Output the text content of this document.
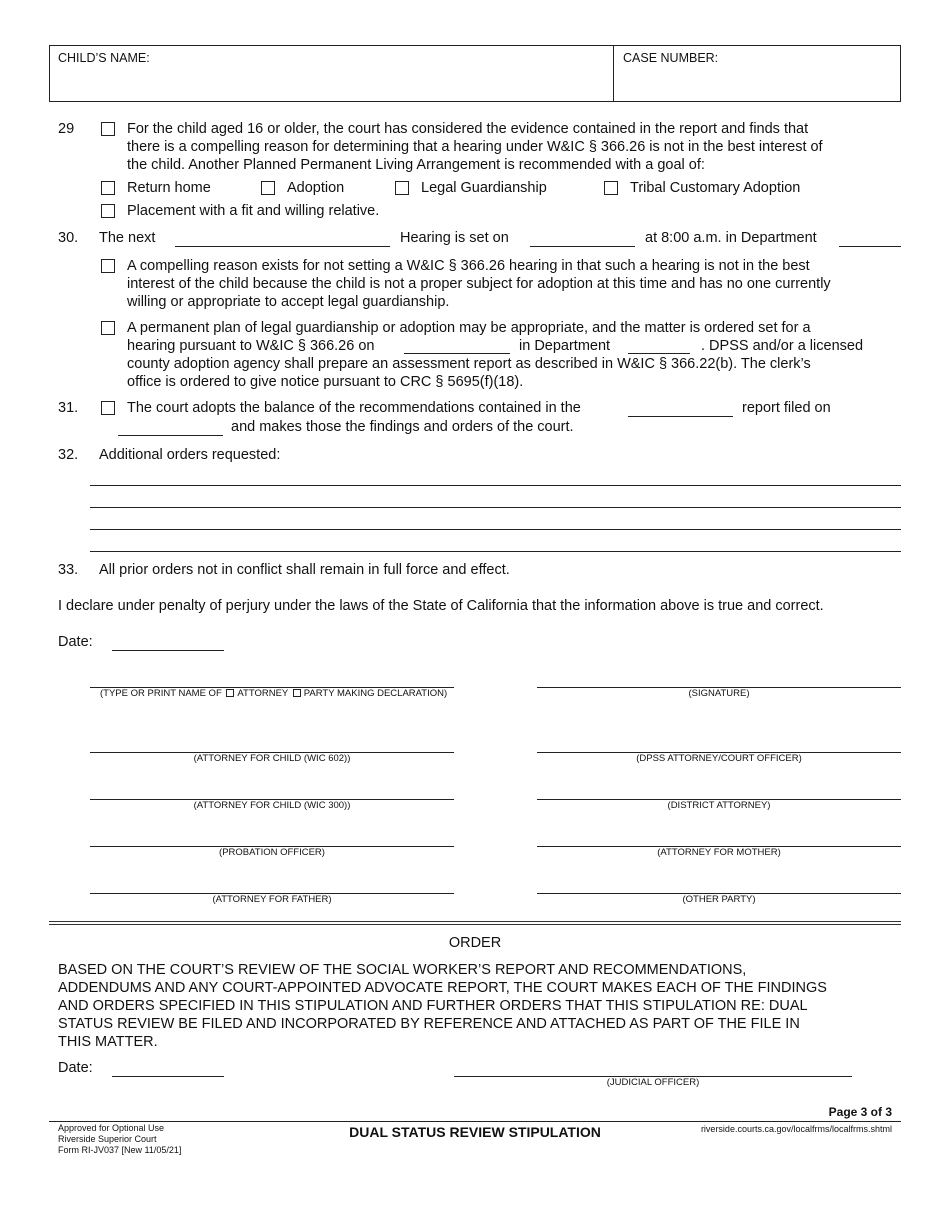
CHILD’S NAME:	CASE NUMBER:
29	For the child aged 16 or older, the court has considered the evidence contained in the report and finds that
there is a compelling reason for determining that a hearing under W&IC § 366.26 is not in the best interest of
the child. Another Planned Permanent Living Arrangement is recommended with a goal of:
Return home	Adoption	Legal Guardianship	Tribal Customary Adoption
Placement with a fit and willing relative.
30. The next	Hearing is set on	at 8:00 a.m. in Department
A compelling reason exists for not setting a W&IC § 366.26 hearing in that such a hearing is not in the best
interest of the child because the child is not a proper subject for adoption at this time and has no one currently
willing or appropriate to accept legal guardianship.
A permanent plan of legal guardianship or adoption may be appropriate, and the matter is ordered set for a
hearing pursuant to W&IC § 366.26 on	in Department	. DPSS and/or a licensed
county adoption agency shall prepare an assessment report as described in W&IC § 366.22(b). The clerk’s
office is ordered to give notice pursuant to CRC § 5695(f)(18).
31.	The court adopts the balance of the recommendations contained in the	report filed on
and makes those the findings and orders of the court.
32. Additional orders requested:
33. All prior orders not in conflict shall remain in full force and effect.
I declare under penalty of perjury under the laws of the State of California that the information above is true and correct.
Date:
(TYPE OR PRINT NAME OF ATTORNEY PARTY MAKING DECLARATION)	(SIGNATURE)
(ATTORNEY FOR CHILD (WIC 602))	(DPSS ATTORNEY/COURT OFFICER)
(ATTORNEY FOR CHILD (WIC 300))	(DISTRICT ATTORNEY)
(PROBATION OFFICER)	(ATTORNEY FOR MOTHER)
(ATTORNEY FOR FATHER)	(OTHER PARTY)
ORDER
BASED ON THE COURT’S REVIEW OF THE SOCIAL WORKER’S REPORT AND RECOMMENDATIONS,
ADDENDUMS AND ANY COURT-APPOINTED ADVOCATE REPORT, THE COURT MAKES EACH OF THE FINDINGS
AND ORDERS SPECIFIED IN THIS STIPULATION AND FURTHER ORDERS THAT THIS STIPULATION RE: DUAL
STATUS REVIEW BE FILED AND INCORPORATED BY REFERENCE AND ATTACHED AS PART OF THE FILE IN
THIS MATTER.
Date:
(JUDICIAL OFFICER)
Page 3 of 3
Approved for Optional Use
Riverside Superior Court
Form RI-JV037 [New 11/05/21]
DUAL STATUS REVIEW STIPULATION	riverside.courts.ca.gov/localfrms/localfrms.shtml
